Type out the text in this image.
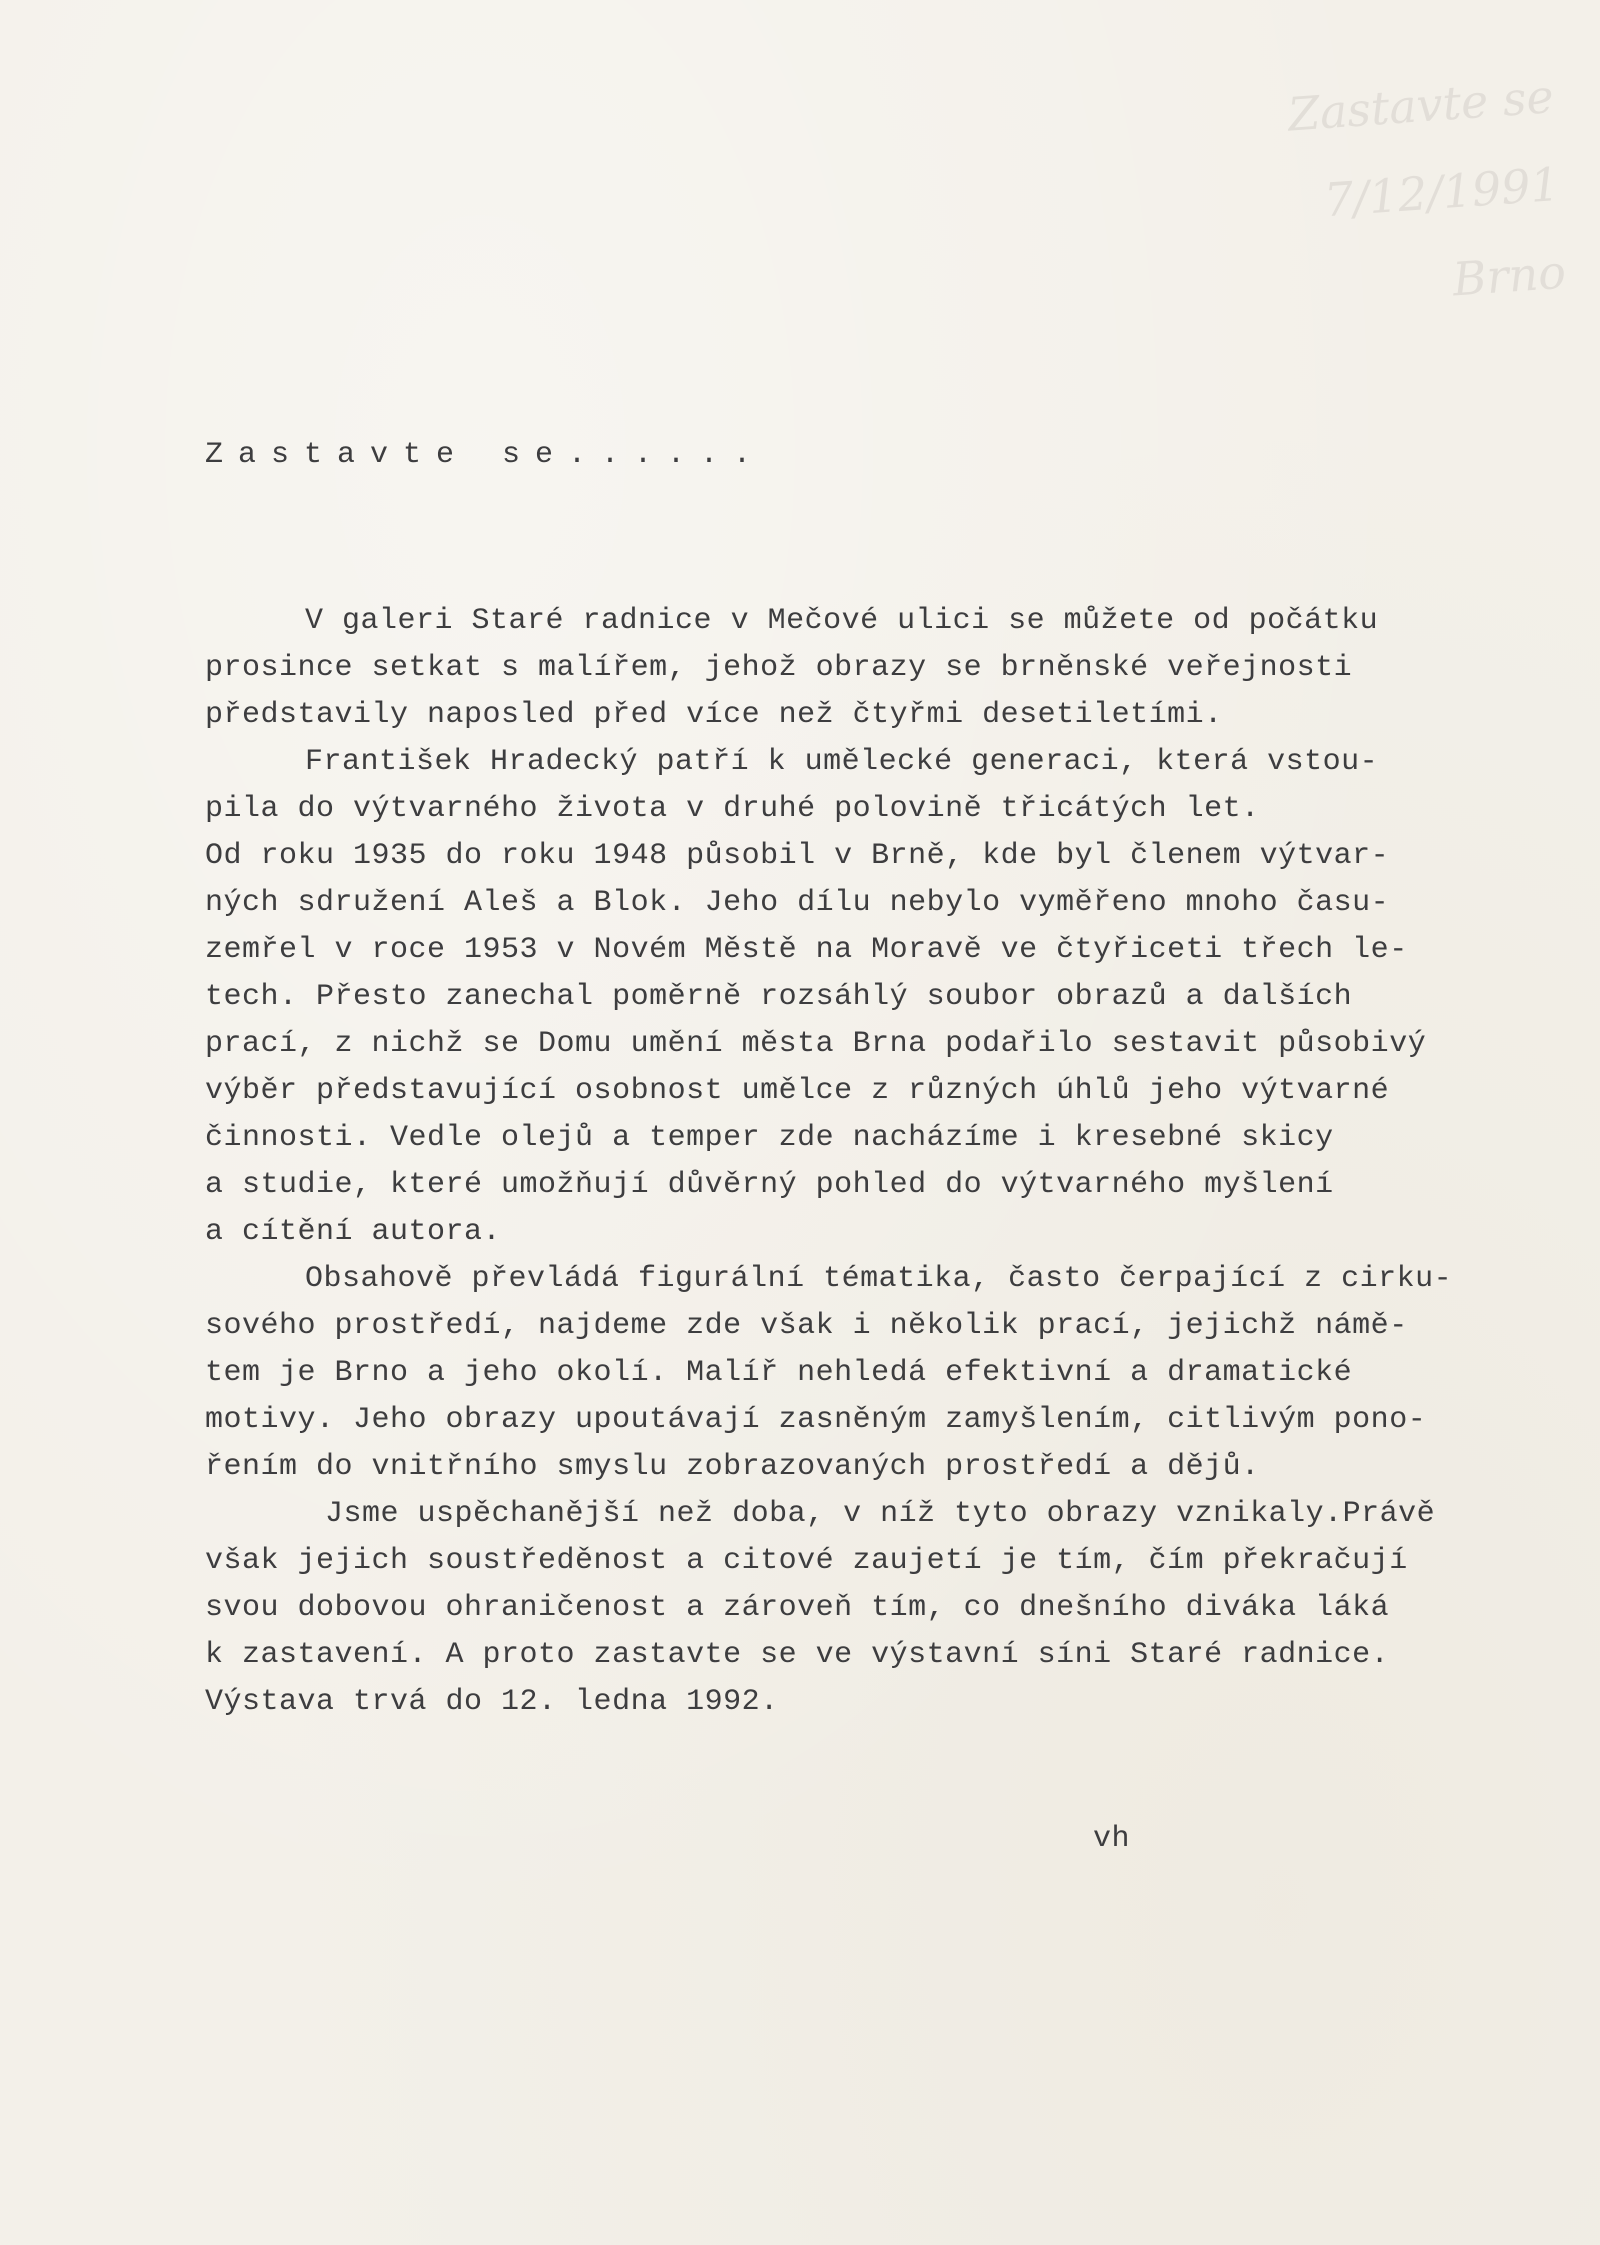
Zastavte se
7/12/1991
Brno
Zastavte se......
V galeri Staré radnice v Mečové ulici se můžete od počátku
prosince setkat s malířem, jehož obrazy se brněnské veřejnosti
představily naposled před více než čtyřmi desetiletími.
František Hradecký patří k umělecké generaci, která vstou-
pila do výtvarného života v druhé polovině třicátých let.
Od roku 1935 do roku 1948 působil v Brně, kde byl členem výtvar-
ných sdružení Aleš a Blok. Jeho dílu nebylo vyměřeno mnoho času-
zemřel v roce 1953 v Novém Městě na Moravě ve čtyřiceti třech le-
tech. Přesto zanechal poměrně rozsáhlý soubor obrazů a dalších
prací, z nichž se Domu umění města Brna podařilo sestavit působivý
výběr představující osobnost umělce z různých úhlů jeho výtvarné
činnosti. Vedle olejů a temper zde nacházíme i kresebné skicy
a studie, které umožňují důvěrný pohled do výtvarného myšlení
a cítění autora.
Obsahově převládá figurální tématika, často čerpající z cirku-
sového prostředí, najdeme zde však i několik prací, jejichž námě-
tem je Brno a jeho okolí. Malíř nehledá efektivní a dramatické
motivy. Jeho obrazy upoutávají zasněným zamyšlením, citlivým pono-
řením do vnitřního smyslu zobrazovaných prostředí a dějů.
Jsme uspěchanější než doba, v níž tyto obrazy vznikaly.Právě
však jejich soustředěnost a citové zaujetí je tím, čím překračují
svou dobovou ohraničenost a zároveň tím, co dnešního diváka láká
k zastavení. A proto zastavte se ve výstavní síni Staré radnice.
Výstava trvá do 12. ledna 1992.
vh
